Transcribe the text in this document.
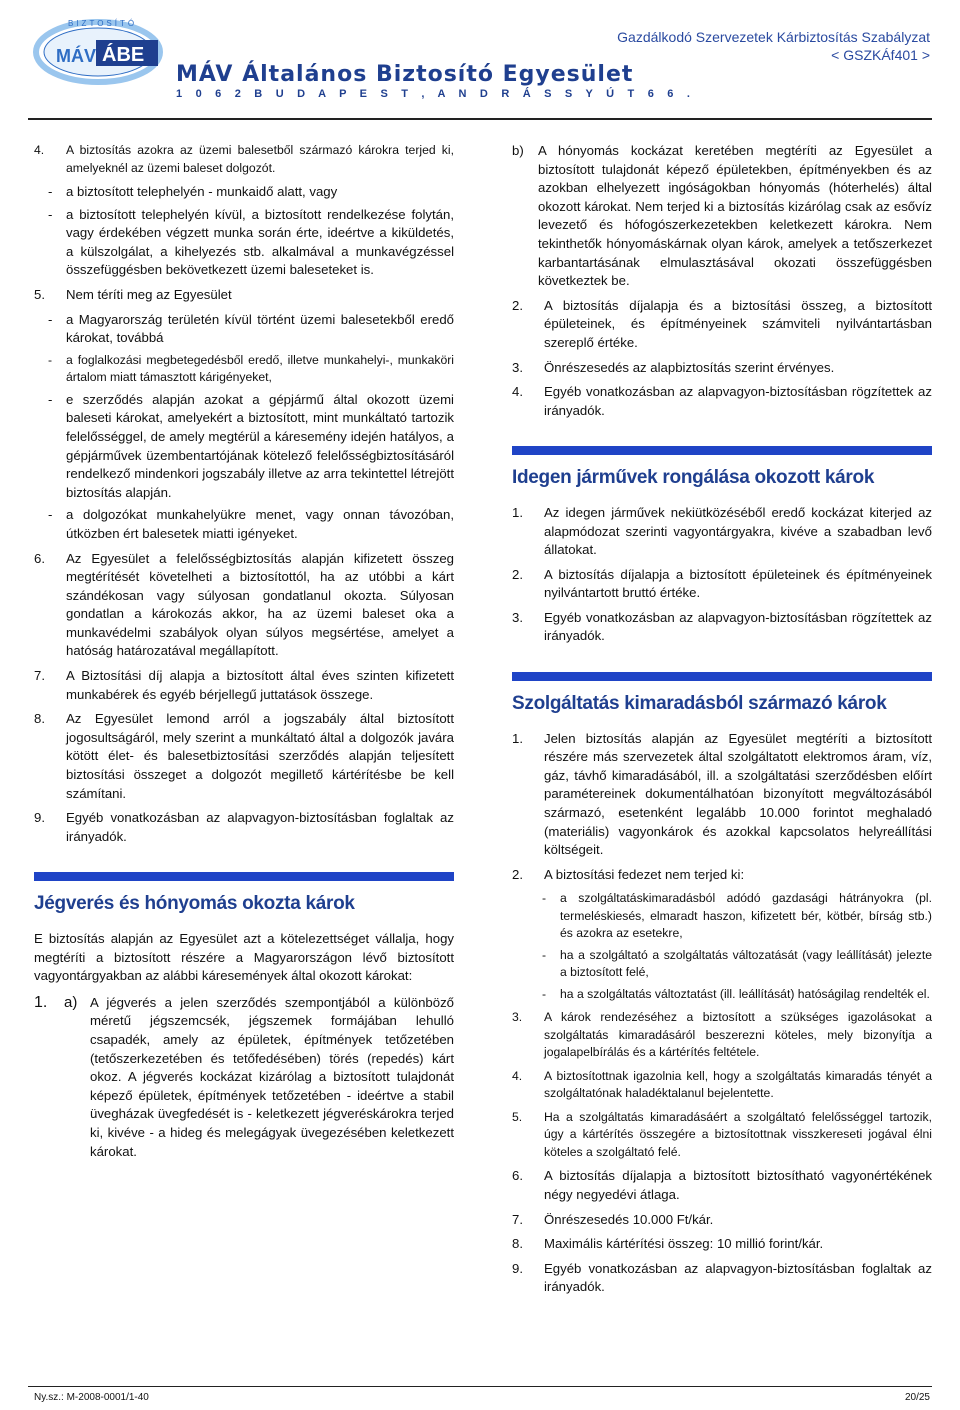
MÁV ÁBE
BIZTOSÍTÓ
MÁV Általános Biztosító Egyesület
1 0 6 2 B U D A P E S T , A N D R Á S S Y Ú T 6 6 .
Gazdálkodó Szervezetek Kárbiztosítás Szabályzat
< GSZKÁf401 >
4. A biztosítás azokra az üzemi balesetből származó károkra terjed ki, amelyeknél az üzemi baleset dolgozót.
- a biztosított telephelyén - munkaidő alatt, vagy
- a biztosított telephelyén kívül, a biztosított rendelkezése folytán, vagy érdekében végzett munka során érte, ideértve a kiküldetés, a külszolgálat, a kihelyezés stb. alkalmával a munkavégzéssel összefüggésben bekövetkezett üzemi baleseteket is.
5. Nem téríti meg az Egyesület
- a Magyarország területén kívül történt üzemi balesetekből eredő károkat, továbbá
- a foglalkozási megbetegedésből eredő, illetve munkahelyi-, munkaköri ártalom miatt támasztott kárigényeket,
- e szerződés alapján azokat a gépjármű által okozott üzemi baleseti károkat, amelyekért a biztosított, mint munkáltató tartozik felelősséggel, de amely megtérül a káresemény idején hatályos, a gépjárművek üzembentartójának kötelező felelősségbiztosításáról rendelkező mindenkori jogszabály illetve az arra tekintettel létrejött biztosítás alapján.
- a dolgozókat munkahelyükre menet, vagy onnan távozóban, útközben ért balesetek miatti igényeket.
6. Az Egyesület a felelősségbiztosítás alapján kifizetett összeg megtérítését követelheti a biztosítottól, ha az utóbbi a kárt szándékosan vagy súlyosan gondatlanul okozta. Súlyosan gondatlan a károkozás akkor, ha az üzemi baleset oka a munkavédelmi szabályok olyan súlyos megsértése, amelyet a hatóság határozatával megállapított.
7. A Biztosítási díj alapja a biztosított által éves szinten kifizetett munkabérek és egyéb bérjellegű juttatások összege.
8. Az Egyesület lemond arról a jogszabály által biztosított jogosultságáról, mely szerint a munkáltató által a dolgozók javára kötött élet- és balesetbiztosítási szerződés alapján teljesített biztosítási összeget a dolgozót megillető kártérítésbe be kell számítani.
9. Egyéb vonatkozásban az alapvagyon-biztosításban foglaltak az irányadók.
Jégverés és hónyomás okozta károk
E biztosítás alapján az Egyesület azt a kötelezettséget vállalja, hogy megtéríti a biztosított részére a Magyarországon lévő biztosított vagyontárgyakban az alábbi káresemények által okozott károkat:
1. a) A jégverés a jelen szerződés szempontjából a különböző méretű jégszemcsék, jégszemek formájában lehulló csapadék, amely az épületek, építmények tetőzetében (tetőszerkezetében és tetőfedésében) törés (repedés) kárt okoz. A jégverés kockázat kizárólag a biztosított tulajdonát képező épületek, építmények tetőzetében - ideértve a stabil üvegházak üvegfedését is - keletkezett jégveréskárokra terjed ki, kivéve - a hideg és melegágyak üvegezésében keletkezett károkat.
b) A hónyomás kockázat keretében megtéríti az Egyesület a biztosított tulajdonát képező épületekben, építményekben és az azokban elhelyezett ingóságokban hónyomás (hóterhelés) által okozott károkat. Nem terjed ki a biztosítás kizárólag csak az esővíz levezető és hófogószerkezetekben keletkezett károkra. Nem tekinthetők hónyomáskárnak olyan károk, amelyek a tetőszerkezet karbantartásának elmulasztásával okozati összefüggésben következtek be.
2. A biztosítás díjalapja és a biztosítási összeg, a biztosított épületeinek, és építményeinek számviteli nyilvántartásban szereplő értéke.
3. Önrészesedés az alapbiztosítás szerint érvényes.
4. Egyéb vonatkozásban az alapvagyon-biztosításban rögzítettek az irányadók.
Idegen járművek rongálása okozott károk
1. Az idegen járművek nekiütközéséből eredő kockázat kiterjed az alapmódozat szerinti vagyontárgyakra, kivéve a szabadban levő állatokat.
2. A biztosítás díjalapja a biztosított épületeinek és építményeinek nyilvántartott bruttó értéke.
3. Egyéb vonatkozásban az alapvagyon-biztosításban rögzítettek az irányadók.
Szolgáltatás kimaradásból származó károk
1. Jelen biztosítás alapján az Egyesület megtéríti a biztosított részére más szervezetek által szolgáltatott elektromos áram, víz, gáz, távhő kimaradásából, ill. a szolgáltatási szerződésben előírt paramétereinek dokumentálhatóan bizonyított megváltozásából származó, esetenként legalább 10.000 forintot meghaladó (materiális) vagyonkárok és azokkal kapcsolatos helyreállítási költségeit.
2. A biztosítási fedezet nem terjed ki:
- a szolgáltatáskimaradásból adódó gazdasági hátrányokra (pl. termeléskiesés, elmaradt haszon, kifizetett bér, kötbér, bírság stb.) és azokra az esetekre,
- ha a szolgáltató a szolgáltatás változatását (vagy leállítását) jelezte a biztosított felé,
- ha a szolgáltatás változtatást (ill. leállítását) hatóságilag rendelték el.
3. A károk rendezéséhez a biztosított a szükséges igazolásokat a szolgáltatás kimaradásáról beszerezni köteles, mely bizonyítja a jogalapelbírálás és a kártérítés feltétele.
4. A biztosítottnak igazolnia kell, hogy a szolgáltatás kimaradás tényét a szolgáltatónak haladéktalanul bejelentette.
5. Ha a szolgáltatás kimaradásáért a szolgáltató felelősséggel tartozik, úgy a kártérítés összegére a biztosítottnak visszkereseti jogával élni köteles a szolgáltató felé.
6. A biztosítás díjalapja a biztosított biztosítható vagyonértékének négy negyedévi átlaga.
7. Önrészesedés 10.000 Ft/kár.
8. Maximális kártérítési összeg: 10 millió forint/kár.
9. Egyéb vonatkozásban az alapvagyon-biztosításban foglaltak az irányadók.
Ny.sz.: M-2008-0001/1-40	20/25
